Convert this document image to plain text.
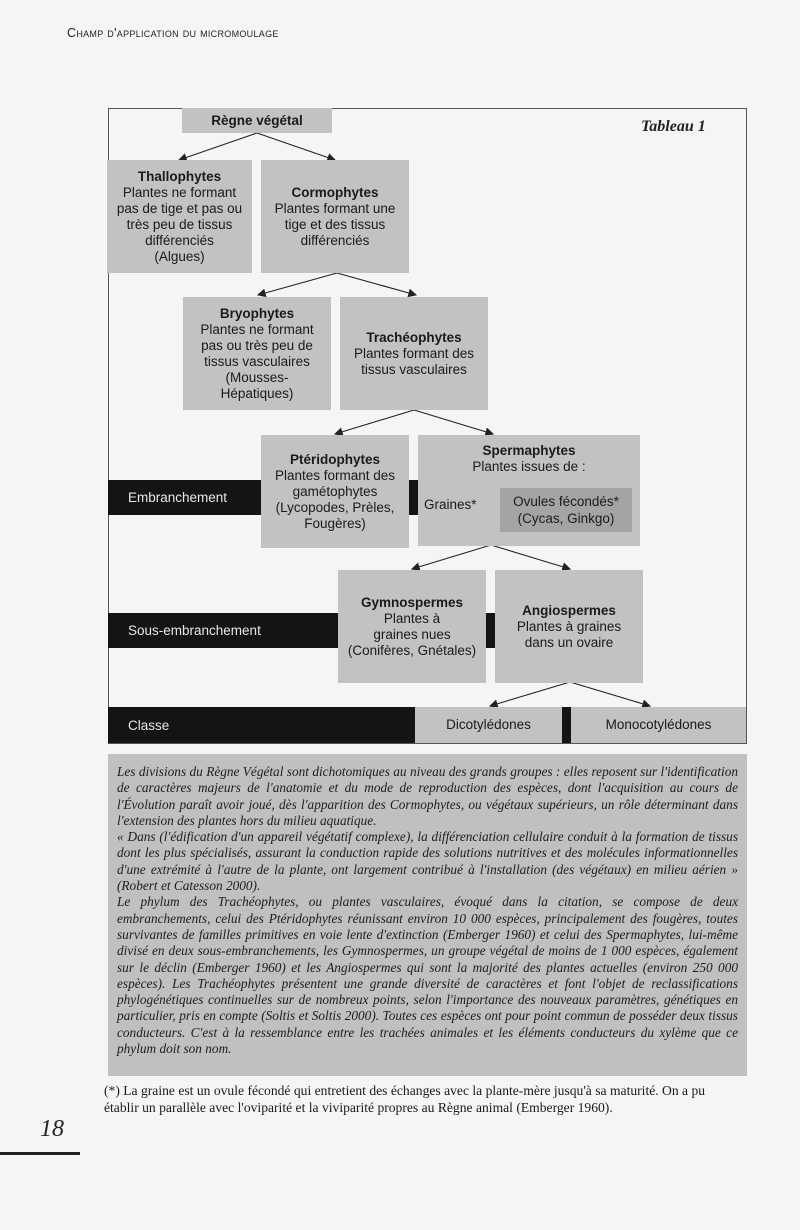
Champ d'application du micromoulage
Tableau 1
Règne végétal
Thallophytes
Plantes ne formant
pas de tige et pas ou
très peu de tissus
différenciés
(Algues)
Cormophytes
Plantes formant une
tige et des tissus
différenciés
Bryophytes
Plantes ne formant
pas ou très peu de
tissus vasculaires
(Mousses-
Hépatiques)
Trachéophytes
Plantes formant des
tissus vasculaires
Embranchement
Ptéridophytes
Plantes formant des
gamétophytes
(Lycopodes, Prèles,
Fougères)
Spermaphytes
Plantes issues de :
Graines*	Ovules fécondés*
(Cycas, Ginkgo)
Sous-embranchement
Gymnospermes
Plantes à
graines nues
(Conifères, Gnétales)
Angiospermes
Plantes à graines
dans un ovaire
Classe	Dicotylédones	Monocotylédones

Les divisions du Règne Végétal sont dichotomiques au niveau des grands groupes : elles reposent sur l'identification de caractères majeurs de l'anatomie et du mode de reproduction des espèces, dont l'acquisition au cours de l'Évolution paraît avoir joué, dès l'apparition des Cormophytes, ou végétaux supérieurs, un rôle déterminant dans l'extension des plantes hors du milieu aquatique.

« Dans (l'édification d'un appareil végétatif complexe), la différenciation cellulaire conduit à la formation de tissus dont les plus spécialisés, assurant la conduction rapide des solutions nutritives et des molécules informationnelles d'une extrémité à l'autre de la plante, ont largement contribué à l'installation (des végétaux) en milieu aérien » (Robert et Catesson 2000).

Le phylum des Trachéophytes, ou plantes vasculaires, évoqué dans la citation, se compose de deux embranchements, celui des Ptéridophytes réunissant environ 10 000 espèces, principalement des fougères, toutes survivantes de familles primitives en voie lente d'extinction (Emberger 1960) et celui des Spermaphytes, lui-même divisé en deux sous-embranchements, les Gymnospermes, un groupe végétal de moins de 1 000 espèces, également sur le déclin (Emberger 1960) et les Angiospermes qui sont la majorité des plantes actuelles (environ 250 000 espèces). Les Trachéophytes présentent une grande diversité de caractères et font l'objet de reclassifications phylogénétiques continuelles sur de nombreux points, selon l'importance des nouveaux paramètres, génétiques en particulier, pris en compte (Soltis et Soltis 2000). Toutes ces espèces ont pour point commun de posséder deux tissus conducteurs. C'est à la ressemblance entre les trachées animales et les éléments conducteurs du xylème que ce phylum doit son nom.

(*) La graine est un ovule fécondé qui entretient des échanges avec la plante-mère jusqu'à sa maturité. On a pu établir un parallèle avec l'oviparité et la viviparité propres au Règne animal (Emberger 1960).
18
